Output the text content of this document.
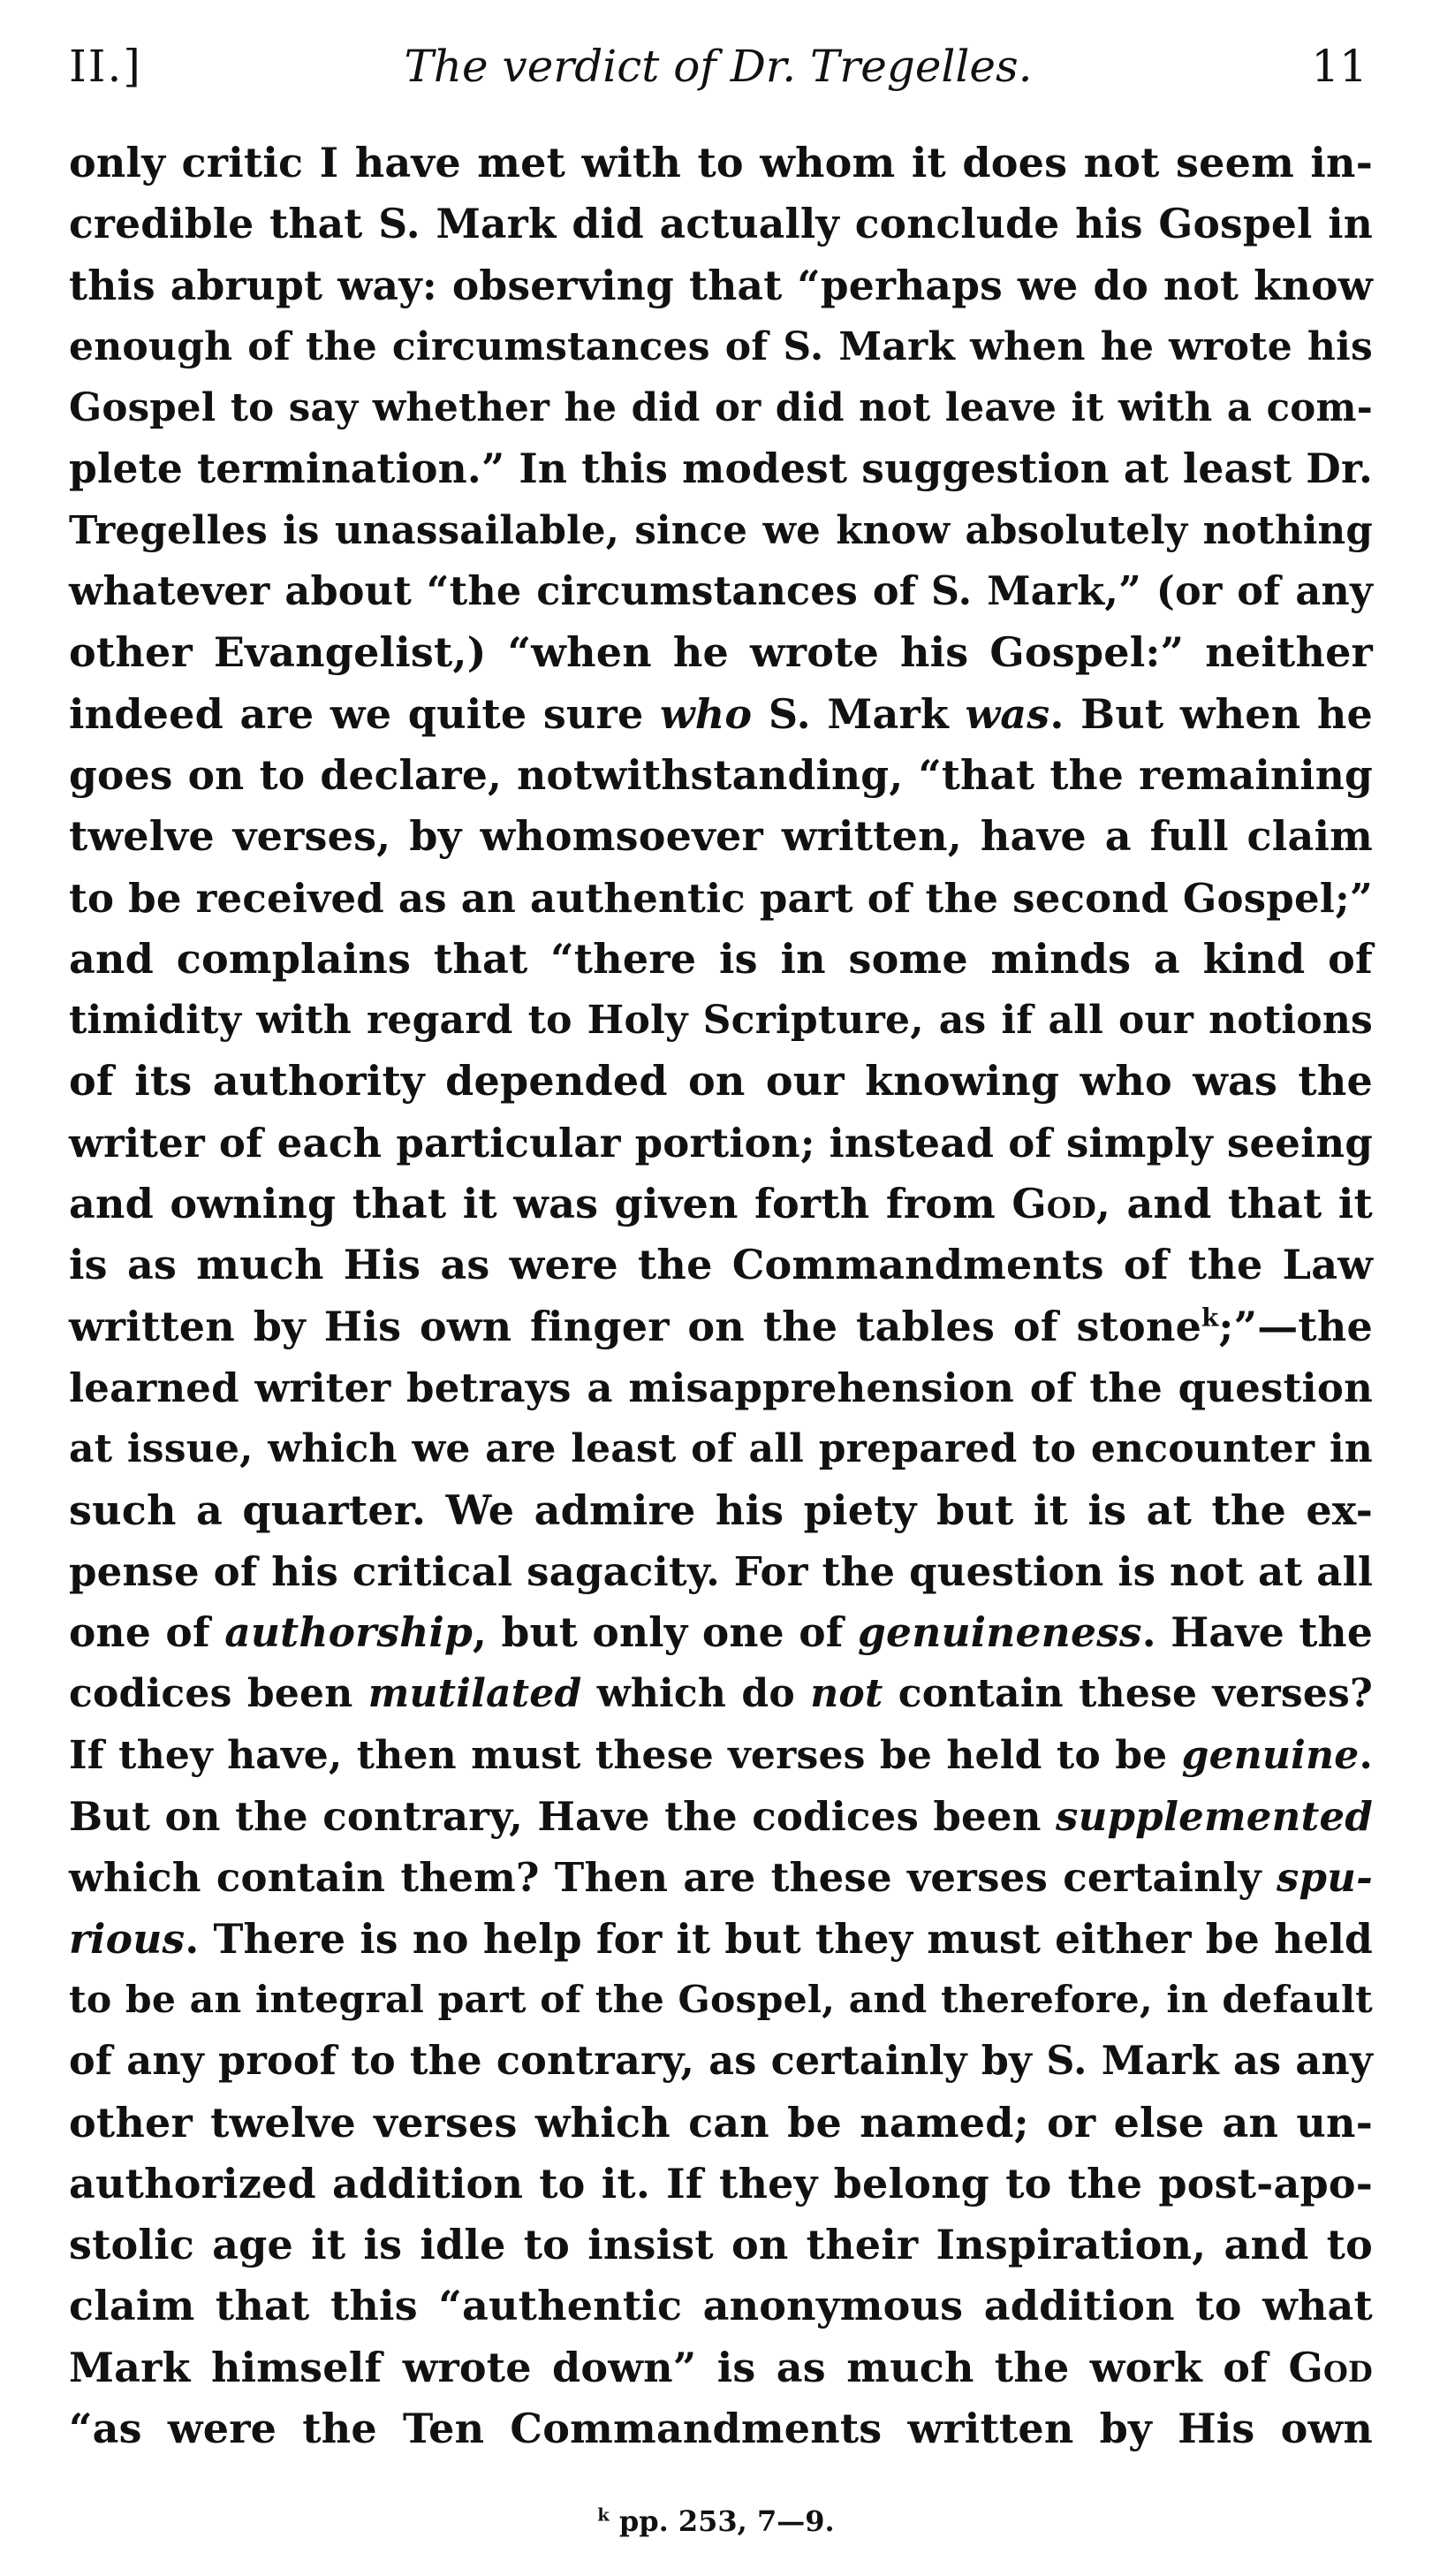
II.]	The verdict of Dr. Tregelles.	11
only critic I have met with to whom it does not seem in-
credible that S. Mark did actually conclude his Gospel in
this abrupt way: observing that “perhaps we do not know
enough of the circumstances of S. Mark when he wrote his
Gospel to say whether he did or did not leave it with a com-
plete termination.” In this modest suggestion at least Dr.
Tregelles is unassailable, since we know absolutely nothing
whatever about “the circumstances of S. Mark,” (or of any
other Evangelist,) “when he wrote his Gospel:” neither
indeed are we quite sure who S. Mark was. But when he
goes on to declare, notwithstanding, “that the remaining
twelve verses, by whomsoever written, have a full claim
to be received as an authentic part of the second Gospel;”
and complains that “there is in some minds a kind of
timidity with regard to Holy Scripture, as if all our notions
of its authority depended on our knowing who was the
writer of each particular portion; instead of simply seeing
and owning that it was given forth from God, and that it
is as much His as were the Commandments of the Law
written by His own finger on the tables of stone$^k$;”—the
learned writer betrays a misapprehension of the question
at issue, which we are least of all prepared to encounter in
such a quarter. We admire his piety but it is at the ex-
pense of his critical sagacity. For the question is not at all
one of authorship, but only one of genuineness. Have the
codices been mutilated which do not contain these verses?
If they have, then must these verses be held to be genuine.
But on the contrary, Have the codices been supplemented
which contain them? Then are these verses certainly spu-
rious. There is no help for it but they must either be held
to be an integral part of the Gospel, and therefore, in default
of any proof to the contrary, as certainly by S. Mark as any
other twelve verses which can be named; or else an un-
authorized addition to it. If they belong to the post-apo-
stolic age it is idle to insist on their Inspiration, and to
claim that this “authentic anonymous addition to what
Mark himself wrote down” is as much the work of God
“as were the Ten Commandments written by His own
$^k$ pp. 253, 7—9.
